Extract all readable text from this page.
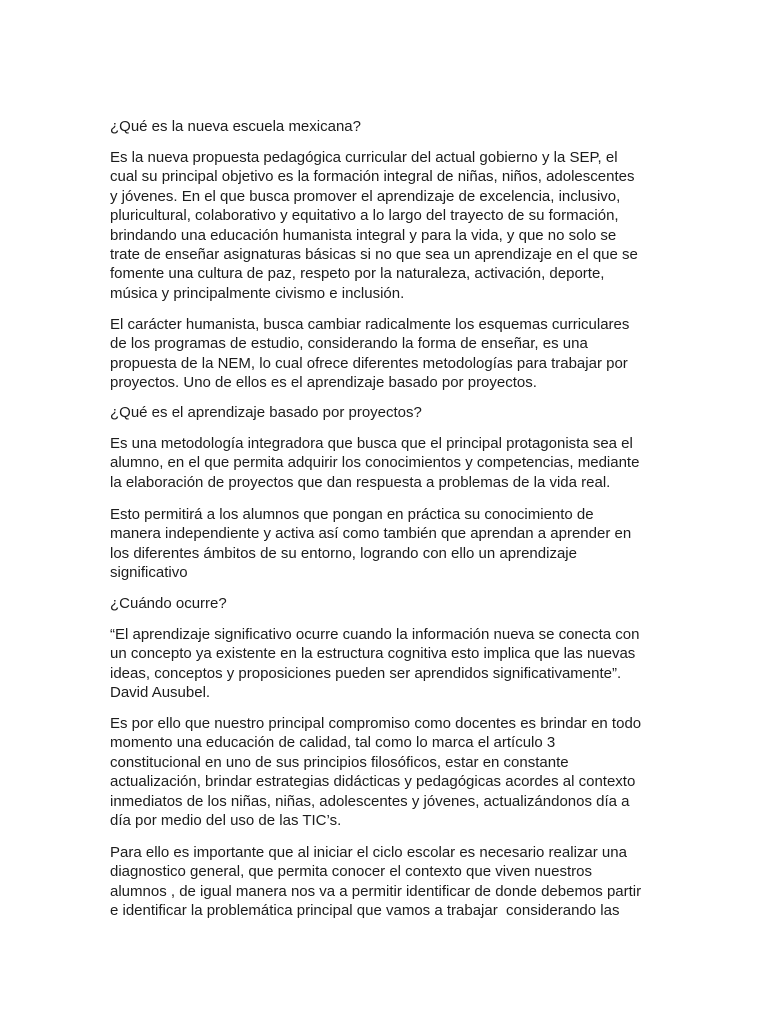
¿Qué es la nueva escuela mexicana?
Es la nueva propuesta pedagógica curricular del actual gobierno y la SEP, el
cual su principal objetivo es la formación integral de niñas, niños, adolescentes
y jóvenes. En el que busca promover el aprendizaje de excelencia, inclusivo,
pluricultural, colaborativo y equitativo a lo largo del trayecto de su formación,
brindando una educación humanista integral y para la vida, y que no solo se
trate de enseñar asignaturas básicas si no que sea un aprendizaje en el que se
fomente una cultura de paz, respeto por la naturaleza, activación, deporte,
música y principalmente civismo e inclusión.
El carácter humanista, busca cambiar radicalmente los esquemas curriculares
de los programas de estudio, considerando la forma de enseñar, es una
propuesta de la NEM, lo cual ofrece diferentes metodologías para trabajar por
proyectos. Uno de ellos es el aprendizaje basado por proyectos.
¿Qué es el aprendizaje basado por proyectos?
Es una metodología integradora que busca que el principal protagonista sea el
alumno, en el que permita adquirir los conocimientos y competencias, mediante
la elaboración de proyectos que dan respuesta a problemas de la vida real.
Esto permitirá a los alumnos que pongan en práctica su conocimiento de
manera independiente y activa así como también que aprendan a aprender en
los diferentes ámbitos de su entorno, logrando con ello un aprendizaje
significativo
¿Cuándo ocurre?
“El aprendizaje significativo ocurre cuando la información nueva se conecta con
un concepto ya existente en la estructura cognitiva esto implica que las nuevas
ideas, conceptos y proposiciones pueden ser aprendidos significativamente”.
David Ausubel.
Es por ello que nuestro principal compromiso como docentes es brindar en todo
momento una educación de calidad, tal como lo marca el artículo 3
constitucional en uno de sus principios filosóficos, estar en constante
actualización, brindar estrategias didácticas y pedagógicas acordes al contexto
inmediatos de los niñas, niñas, adolescentes y jóvenes, actualizándonos día a
día por medio del uso de las TIC’s.
Para ello es importante que al iniciar el ciclo escolar es necesario realizar una
diagnostico general, que permita conocer el contexto que viven nuestros
alumnos , de igual manera nos va a permitir identificar de donde debemos partir
e identificar la problemática principal que vamos a trabajar  considerando las
